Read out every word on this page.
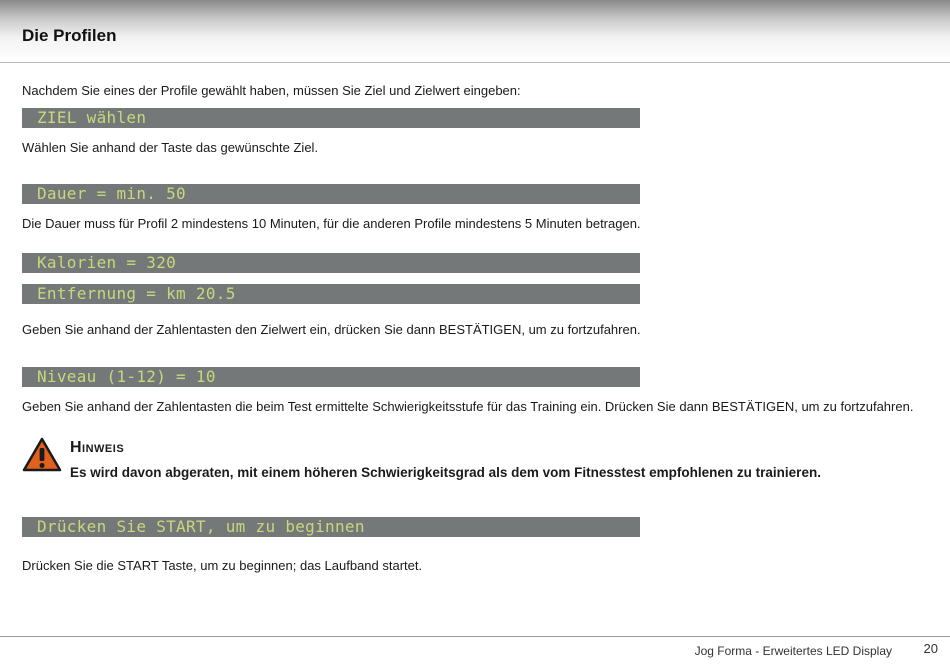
Die Profilen
Nachdem Sie eines der Profile gewählt haben, müssen Sie Ziel und Zielwert eingeben:
ZIEL wählen
Wählen Sie anhand der Taste das gewünschte Ziel.
Dauer = min. 50
Die Dauer muss für Profil 2 mindestens 10 Minuten, für die anderen Profile mindestens 5 Minuten betragen.
Kalorien = 320
Entfernung = km 20.5
Geben Sie anhand der Zahlentasten den Zielwert ein, drücken Sie dann BESTÄTIGEN, um zu fortzufahren.
Niveau (1-12) = 10
Geben Sie anhand der Zahlentasten die beim Test ermittelte Schwierigkeitsstufe für das Training ein. Drücken Sie dann BESTÄTIGEN, um zu fortzufahren.
Hinweis
Es wird davon abgeraten, mit einem höheren Schwierigkeitsgrad als dem vom Fitnesstest empfohlenen zu trainieren.
Drücken Sie START, um zu beginnen
Drücken Sie die START Taste, um zu beginnen; das Laufband startet.
Jog Forma - Erweitertes LED Display 20
